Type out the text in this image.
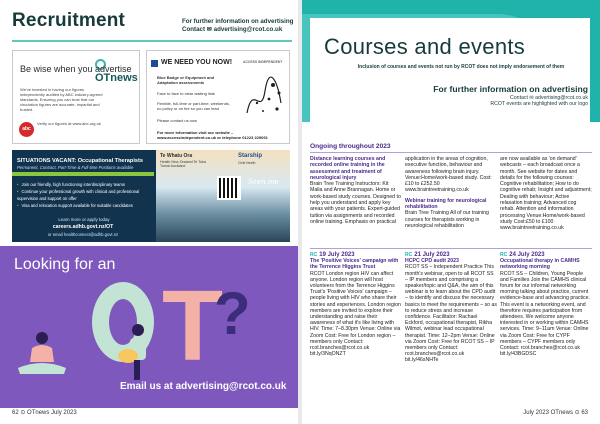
Recruitment	For further information on advertising
Contact ✉ advertising@rcot.co.uk
OTnews
Be wise when you advertise
We've invested in having our figures independently audited by ABC industry-agreed standards. Ensuring you can trust that our circulation figures are accurate, impartial and trusted.
abc
Verify our figures at www.abc.org.uk
WE NEED YOU NOW!	ACCESS INDEPENDENT
Blue Badge or Equipment and Adaptation assessments
Face to face to clear waiting lists
Flexible, full-time or part-time, weekends, no policy or on fee so you can lead
Please contact us now
For more information visit our website – www.accessindependent.co.uk or telephone 01223 229091
SITUATIONS VACANT: Occupational Therapists
Permanent, Contract, Part-Time & Full-time Positions available
• Join our friendly, high functioning interdisciplinary teams
• Continue your professional growth with clinical and professional supervision and support on offer
• Visa and relocation support available for suitable candidates
Learn more or apply today
careers.adhb.govt.nz/OT
or email healthconnect@adhb.govt.nz
Te Whatu Ora
Health New Zealand Te Toka Tumai Auckland
Starship
Child Health
Seen me
Looking for an
T
?
Email us at advertising@rcot.co.uk
62 ⊙ OTnews July 2023
Courses and events
Inclusion of courses and events not run by RCOT does not imply endorsement of them
For further information on advertising
Contact ✉ advertising@rcot.co.uk
RCOT events are highlighted with our logo
Ongoing throughout 2023
Distance learning courses and recorded online training in the assessment and treatment of neurological injury
Brain Tree Training Instructors: Kit Malia and Anne Brannagan. Home or work-based study courses. Designed to help you understand and apply key areas with your patients. Expert-guided tuition via assignments and recorded online training. Emphasis on practical
application in the areas of cognition, executive function, behaviour and awareness following brain injury. Venue:Home/work-based study. Cost:£10 to £252.50 www.braintreetraining.co.uk
Webinar training for neurological rehabilitation
Brain Tree Training All of our training courses for therapists working in neurological rehabilitation
are now available as 'on demand' webcasts – each broadcast once a month. See website for dates and details for the following courses: Cognitive rehabilitation; How to do cognitive rehab; Insight and adjustment; Dealing with behaviour; Active relaxation training; Advanced cog rehab. Attention and information processing Venue:Home/work-based study Cost:£50 to £100 www.braintreetraining.co.uk
RC 19 July 2023
The 'Positive Voices' campaign with the Terrence Higgins Trust
RCOT London region HIV can affect anyone. London region will host volunteers from the Terrence Higgins Trust's 'Positive Voices' campaign – people living with HIV who share their stories and experiences. London region members are invited to explore their understanding and raise their awareness of what it's like living with HIV. Time: 7–8.30pm Venue: Online via Zoom Cost: Free for London region – members only Contact: rcot.branches@rcot.co.uk bit.ly/3NqONZT
RC 21 July 2023
HCPC CPD audit 2023
RCOT SS – Independent Practice This month's webinar, open to all RCOT SS – IP members and comprising a speaker/topic and Q&A, the aim of this webinar is to learn about the CPD audit – to identify and discuss the necessary basics to meet the requirements – so as to reduce stress and increase confidence. Facilitator: Rachael Eckford, occupational therapist, Rikha Wilmot, webinar lead occupational therapist. Time: 12–2pm Venue: Online via Zoom Cost: Free for RCOT SS – IP members only Contact: rcot.branches@rcot.co.uk bit.ly/46sNHTe
RC 24 July 2023
Occupational therapy in CAMHS networking morning
RCOT SS – Children, Young People and Families Join the CAMHS clinical forum for our informal networking morning talking about practice, current evidence-base and advancing practice. This event is a networking event, and therefore requires participation from attendees. We welcome anyone interested in or working within CAMHS services. Time: 9–11am Venue: Online via Zoom Cost: Free for CYPF members – CYPF members only Contact: rcot.branches@rcot.co.uk bit.ly/43BGDSC
July 2023 OTnews ⊙ 63
